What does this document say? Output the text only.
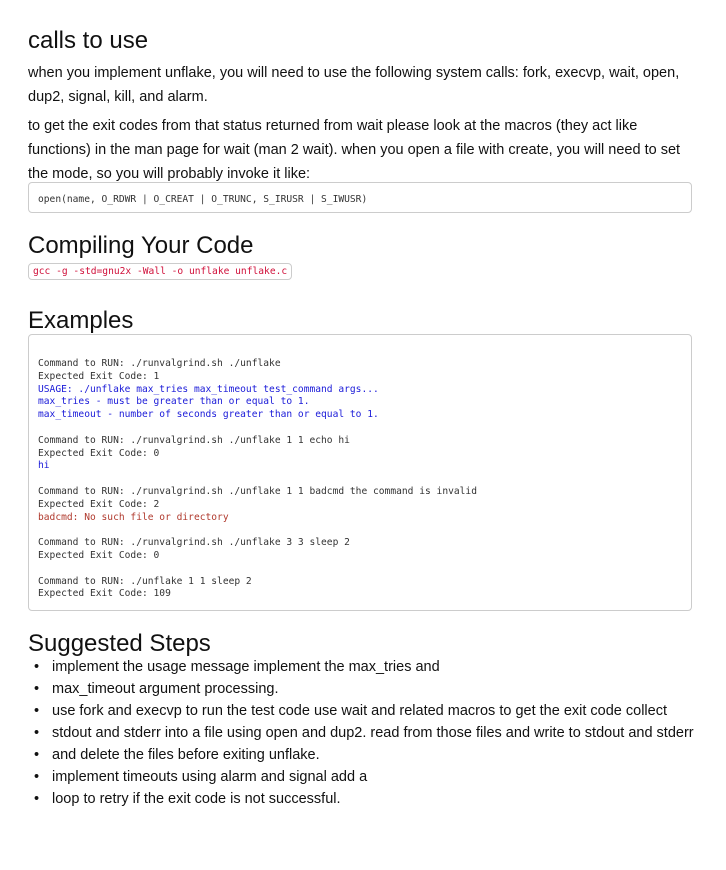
calls to use

when you implement unflake, you will need to use the following system calls: fork, execvp, wait, open, dup2, signal, kill, and alarm.

to get the exit codes from that status returned from wait please look at the macros (they act like functions) in the man page for wait (man 2 wait). when you open a file with create, you will need to set the mode, so you will probably invoke it like:

open(name, O_RDWR | O_CREAT | O_TRUNC, S_IRUSR | S_IWUSR)
Compiling Your Code
gcc -g -std=gnu2x -Wall -o unflake unflake.c
Examples
Command to RUN: ./runvalgrind.sh ./unflake
Expected Exit Code: 1
USAGE: ./unflake max_tries max_timeout test_command args...
max_tries - must be greater than or equal to 1.
max_timeout - number of seconds greater than or equal to 1.
Command to RUN: ./runvalgrind.sh ./unflake 1 1 echo hi
Expected Exit Code: 0
hi
Command to RUN: ./runvalgrind.sh ./unflake 1 1 badcmd the command is invalid
Expected Exit Code: 2
badcmd: No such file or directory
Command to RUN: ./runvalgrind.sh ./unflake 3 3 sleep 2
Expected Exit Code: 0
Command to RUN: ./unflake 1 1 sleep 2
Expected Exit Code: 109
Suggested Steps
• implement the usage message implement the max_tries and
• max_timeout argument processing.
• use fork and execvp to run the test code use wait and related macros to get the exit code collect
• stdout and stderr into a file using open and dup2. read from those files and write to stdout and stderr
• and delete the files before exiting unflake.
• implement timeouts using alarm and signal add a
• loop to retry if the exit code is not successful.
